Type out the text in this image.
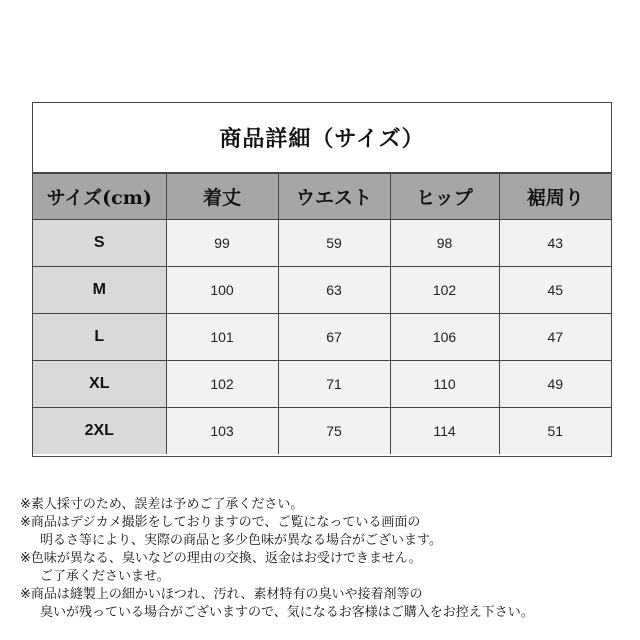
商品詳細（サイズ）
サイズ(cm)	着丈	ウエスト	ヒップ	裾周り
S	99	59	98	43
M	100	63	102	45
L	101	67	106	47
XL	102	71	110	49
2XL	103	75	114	51
※素人採寸のため、誤差は予めご了承ください。
※商品はデジカメ撮影をしておりますので、ご覧になっている画面の
明るさ等により、実際の商品と多少色味が異なる場合がございます。
※色味が異なる、臭いなどの理由の交換、返金はお受けできません。
ご了承くださいませ。
※商品は縫製上の細かいほつれ、汚れ、素材特有の臭いや接着剤等の
臭いが残っている場合がございますので、気になるお客様はご購入をお控え下さい。
